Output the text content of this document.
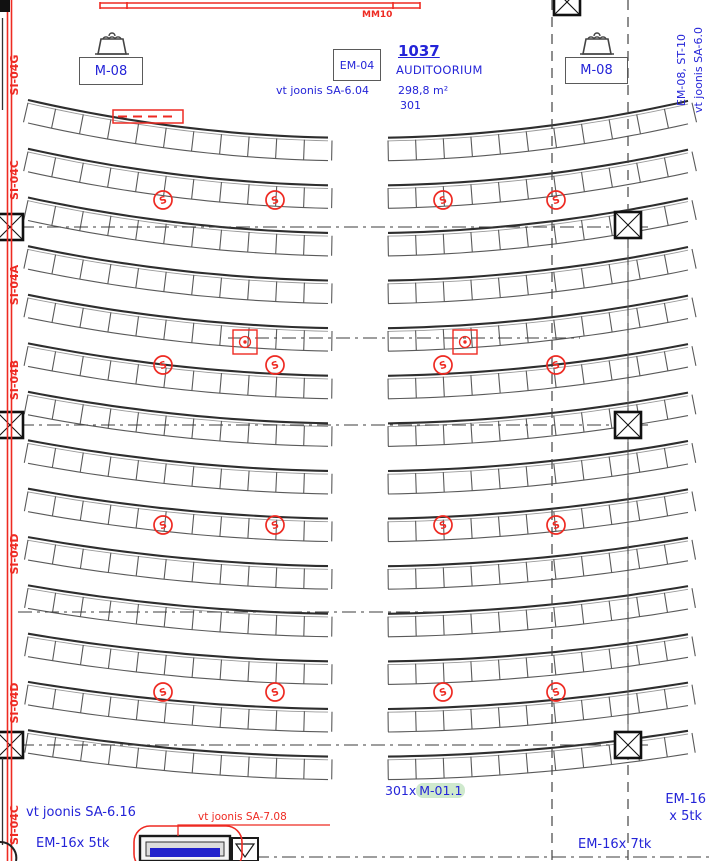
S	S	S	S
S	S	S	S
S	S	S	S
S	S	S	S
MM10
M-08	M-08
EM-04
1037
AUDITOORIUM
vt joonis SA-6.04	298,8 m²
301	vt joonis SA-6.0
EM-08, ST-10
301x M-01.1
vt joonis SA-6.16
EM-16x 5tk
vt joonis SA-7.08
EM-16
x 5tk
EM-16x 7tk
SI-04G
SI-04C
SI-04A
SI-04B
SI-04D
SI-04D
SI-04C
